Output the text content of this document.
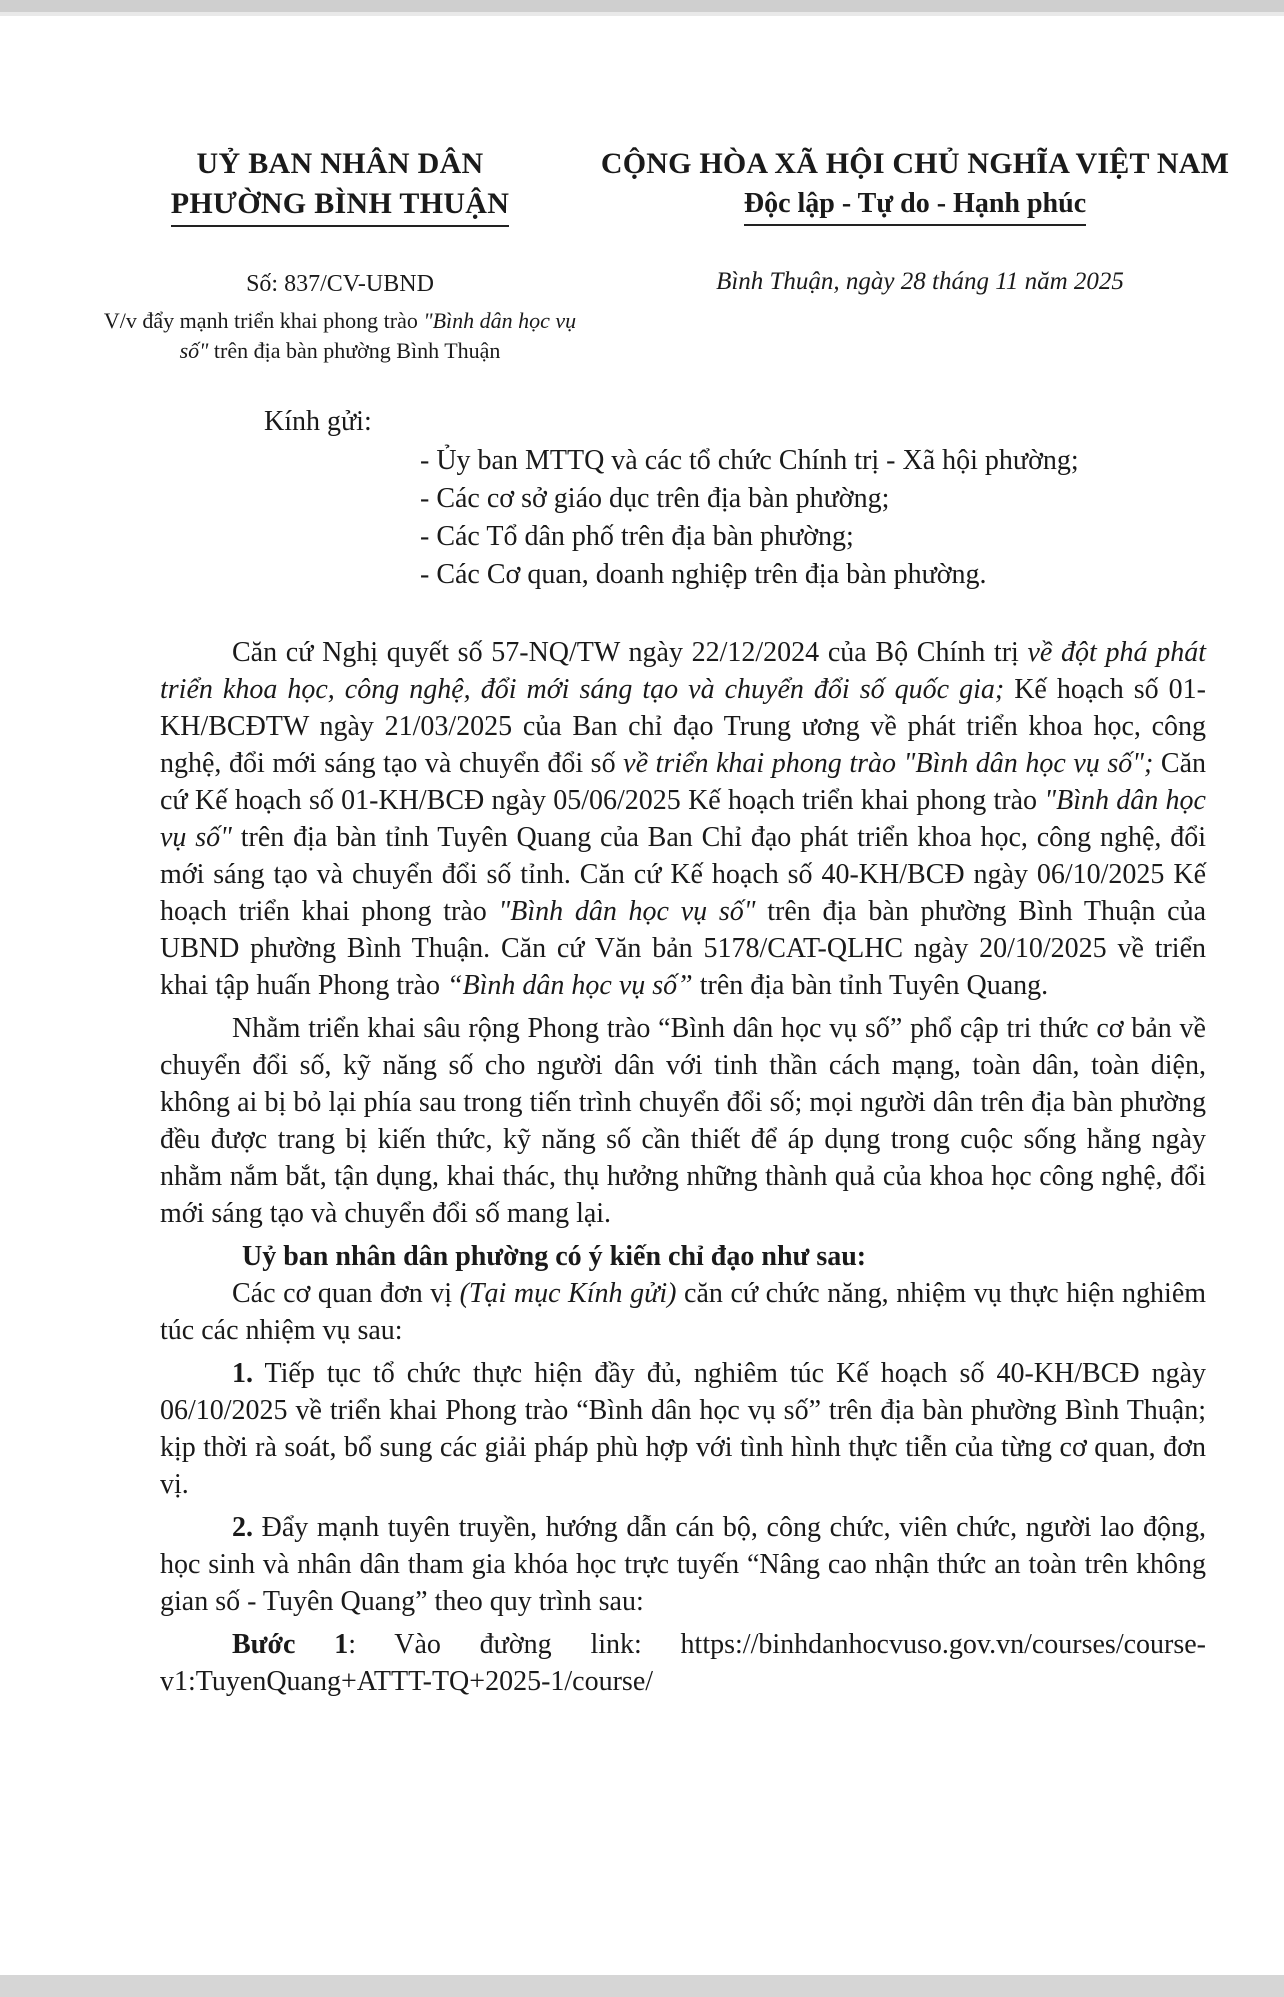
UỶ BAN NHÂN DÂN
PHƯỜNG BÌNH THUẬN
CỘNG HÒA XÃ HỘI CHỦ NGHĨA VIỆT NAM
Độc lập - Tự do - Hạnh phúc
Số: 837/CV-UBND
V/v đẩy mạnh triển khai phong trào "Bình dân học vụ số" trên địa bàn phường Bình Thuận
Bình Thuận, ngày 28 tháng 11 năm 2025
Kính gửi:
- Ủy ban MTTQ và các tổ chức Chính trị - Xã hội phường;
- Các cơ sở giáo dục trên địa bàn phường;
- Các Tổ dân phố trên địa bàn phường;
- Các Cơ quan, doanh nghiệp trên địa bàn phường.

Căn cứ Nghị quyết số 57-NQ/TW ngày 22/12/2024 của Bộ Chính trị về đột phá phát triển khoa học, công nghệ, đổi mới sáng tạo và chuyển đổi số quốc gia; Kế hoạch số 01-KH/BCĐTW ngày 21/03/2025 của Ban chỉ đạo Trung ương về phát triển khoa học, công nghệ, đổi mới sáng tạo và chuyển đổi số về triển khai phong trào "Bình dân học vụ số"; Căn cứ Kế hoạch số 01-KH/BCĐ ngày 05/06/2025 Kế hoạch triển khai phong trào "Bình dân học vụ số" trên địa bàn tỉnh Tuyên Quang của Ban Chỉ đạo phát triển khoa học, công nghệ, đổi mới sáng tạo và chuyển đổi số tỉnh. Căn cứ Kế hoạch số 40-KH/BCĐ ngày 06/10/2025 Kế hoạch triển khai phong trào "Bình dân học vụ số" trên địa bàn phường Bình Thuận của UBND phường Bình Thuận. Căn cứ Văn bản 5178/CAT-QLHC ngày 20/10/2025 về triển khai tập huấn Phong trào “Bình dân học vụ số” trên địa bàn tỉnh Tuyên Quang.

Nhằm triển khai sâu rộng Phong trào “Bình dân học vụ số” phổ cập tri thức cơ bản về chuyển đổi số, kỹ năng số cho người dân với tinh thần cách mạng, toàn dân, toàn diện, không ai bị bỏ lại phía sau trong tiến trình chuyển đổi số; mọi người dân trên địa bàn phường đều được trang bị kiến thức, kỹ năng số cần thiết để áp dụng trong cuộc sống hằng ngày nhằm nắm bắt, tận dụng, khai thác, thụ hưởng những thành quả của khoa học công nghệ, đổi mới sáng tạo và chuyển đổi số mang lại.

Uỷ ban nhân dân phường có ý kiến chỉ đạo như sau:

Các cơ quan đơn vị (Tại mục Kính gửi) căn cứ chức năng, nhiệm vụ thực hiện nghiêm túc các nhiệm vụ sau:

1. Tiếp tục tổ chức thực hiện đầy đủ, nghiêm túc Kế hoạch số 40-KH/BCĐ ngày 06/10/2025 về triển khai Phong trào “Bình dân học vụ số” trên địa bàn phường Bình Thuận; kịp thời rà soát, bổ sung các giải pháp phù hợp với tình hình thực tiễn của từng cơ quan, đơn vị.

2. Đẩy mạnh tuyên truyền, hướng dẫn cán bộ, công chức, viên chức, người lao động, học sinh và nhân dân tham gia khóa học trực tuyến “Nâng cao nhận thức an toàn trên không gian số - Tuyên Quang” theo quy trình sau:

Bước 1: Vào đường link: https://binhdanhocvuso.gov.vn/courses/course-v1:TuyenQuang+ATTT-TQ+2025-1/course/
